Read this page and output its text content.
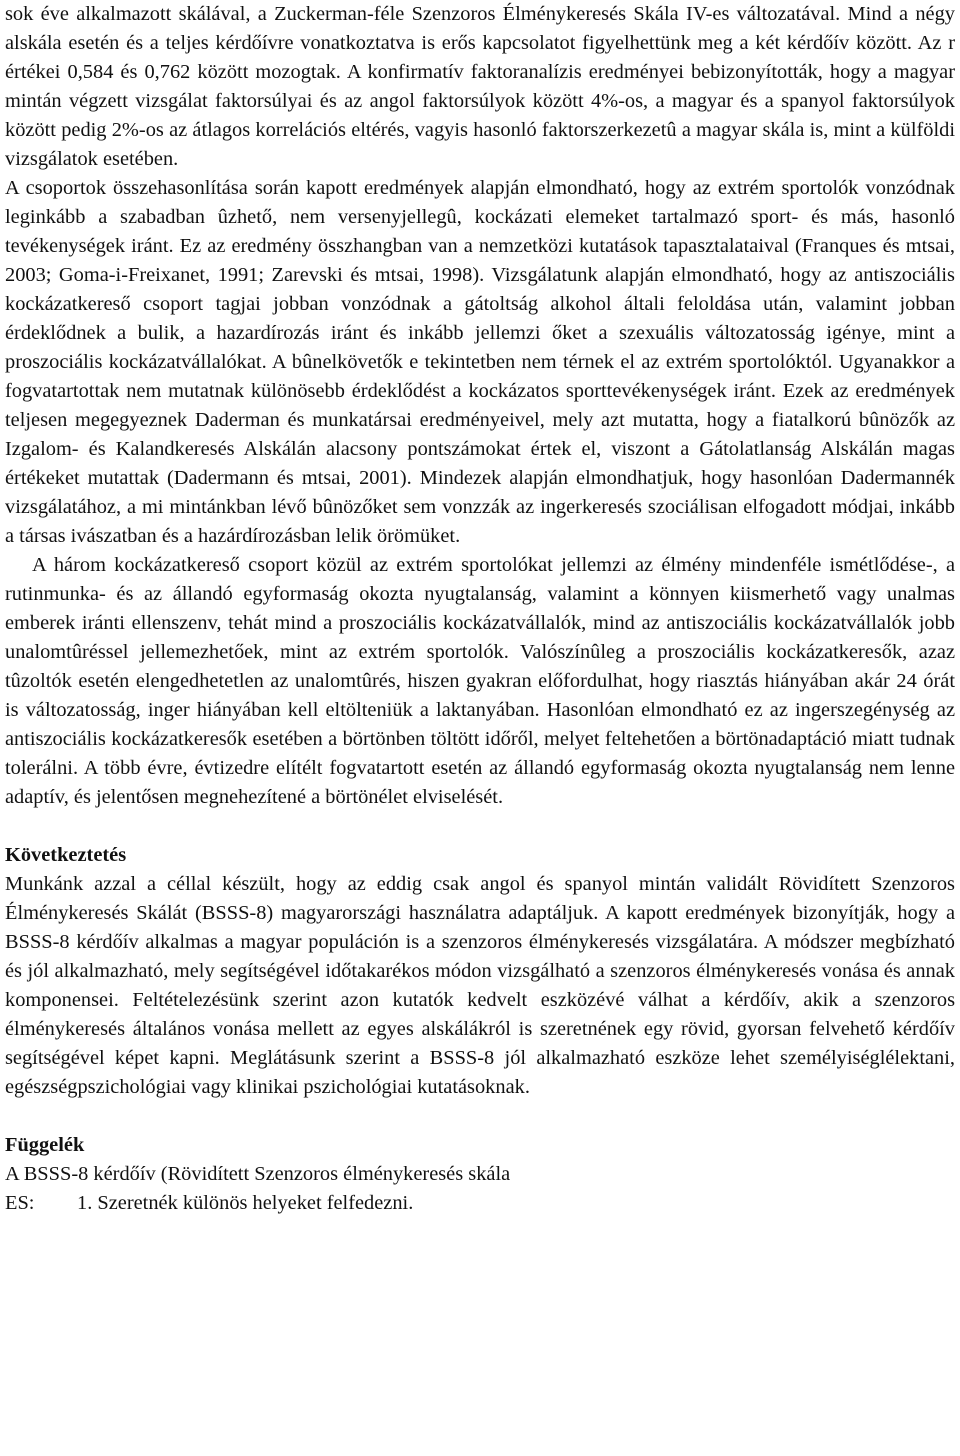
sok éve alkalmazott skálával, a Zuckerman-féle Szenzoros Élménykeresés Skála IV-es változatával. Mind a négy alskála esetén és a teljes kérdőívre vonatkoztatva is erős kapcsolatot figyelhettünk meg a két kérdőív között. Az r értékei 0,584 és 0,762 között mozogtak. A konfirmatív faktoranalízis eredményei bebizonyították, hogy a magyar mintán végzett vizsgálat faktorsúlyai és az angol faktorsúlyok között 4%-os, a magyar és a spanyol faktorsúlyok között pedig 2%-os az átlagos korrelációs eltérés, vagyis hasonló faktorszerkezetû a magyar skála is, mint a külföldi vizsgálatok esetében.

A csoportok összehasonlítása során kapott eredmények alapján elmondható, hogy az extrém sportolók vonzódnak leginkább a szabadban ûzhető, nem versenyjellegû, kockázati elemeket tartalmazó sport- és más, hasonló tevékenységek iránt. Ez az eredmény összhangban van a nemzetközi kutatások tapasztalataival (Franques és mtsai, 2003; Goma-i-Freixanet, 1991; Zarevski és mtsai, 1998). Vizsgálatunk alapján elmondható, hogy az antiszociális kockázatkereső csoport tagjai jobban vonzódnak a gátoltság alkohol általi feloldása után, valamint jobban érdeklődnek a bulik, a hazardírozás iránt és inkább jellemzi őket a szexuális változatosság igénye, mint a proszociális kockázatvállalókat. A bûnelkövetők e tekintetben nem térnek el az extrém sportolóktól. Ugyanakkor a fogvatartottak nem mutatnak különösebb érdeklődést a kockázatos sporttevékenységek iránt. Ezek az eredmények teljesen megegyeznek Daderman és munkatársai eredményeivel, mely azt mutatta, hogy a fiatalkorú bûnözők az Izgalom- és Kalandkeresés Alskálán alacsony pontszámokat értek el, viszont a Gátolatlanság Alskálán magas értékeket mutattak (Dadermann és mtsai, 2001). Mindezek alapján elmondhatjuk, hogy hasonlóan Dadermannék vizsgálatához, a mi mintánkban lévő bûnözőket sem vonzzák az ingerkeresés szociálisan elfogadott módjai, inkább a társas ivászatban és a hazárdírozásban lelik örömüket.

A három kockázatkereső csoport közül az extrém sportolókat jellemzi az élmény mindenféle ismétlődése-, a rutinmunka- és az állandó egyformaság okozta nyugtalanság, valamint a könnyen kiismerhető vagy unalmas emberek iránti ellenszenv, tehát mind a proszociális kockázatvállalók, mind az antiszociális kockázatvállalók jobb unalomtûréssel jellemezhetőek, mint az extrém sportolók. Valószínûleg a proszociális kockázatkeresők, azaz tûzoltók esetén elengedhetetlen az unalomtûrés, hiszen gyakran előfordulhat, hogy riasztás hiányában akár 24 órát is változatosság, inger hiányában kell eltölteniük a laktanyában. Hasonlóan elmondható ez az ingerszegénység az antiszociális kockázatkeresők esetében a börtönben töltött időről, melyet feltehetően a börtönadaptáció miatt tudnak tolerálni. A több évre, évtizedre elítélt fogvatartott esetén az állandó egyformaság okozta nyugtalanság nem lenne adaptív, és jelentősen megnehezítené a börtönélet elviselését.

Következtetés

Munkánk azzal a céllal készült, hogy az eddig csak angol és spanyol mintán validált Rövidített Szenzoros Élménykeresés Skálát (BSSS-8) magyarországi használatra adaptáljuk. A kapott eredmények bizonyítják, hogy a BSSS-8 kérdőív alkalmas a magyar populáción is a szenzoros élménykeresés vizsgálatára. A módszer megbízható és jól alkalmazható, mely segítségével időtakarékos módon vizsgálható a szenzoros élménykeresés vonása és annak komponensei. Feltételezésünk szerint azon kutatók kedvelt eszközévé válhat a kérdőív, akik a szenzoros élménykeresés általános vonása mellett az egyes alskálákról is szeretnének egy rövid, gyorsan felvehető kérdőív segítségével képet kapni. Meglátásunk szerint a BSSS-8 jól alkalmazható eszköze lehet személyiséglélektani, egészségpszichológiai vagy klinikai pszichológiai kutatásoknak.

Függelék

A BSSS-8 kérdőív (Rövidített Szenzoros élménykeresés skála

ES: 1. Szeretnék különös helyeket felfedezni.
